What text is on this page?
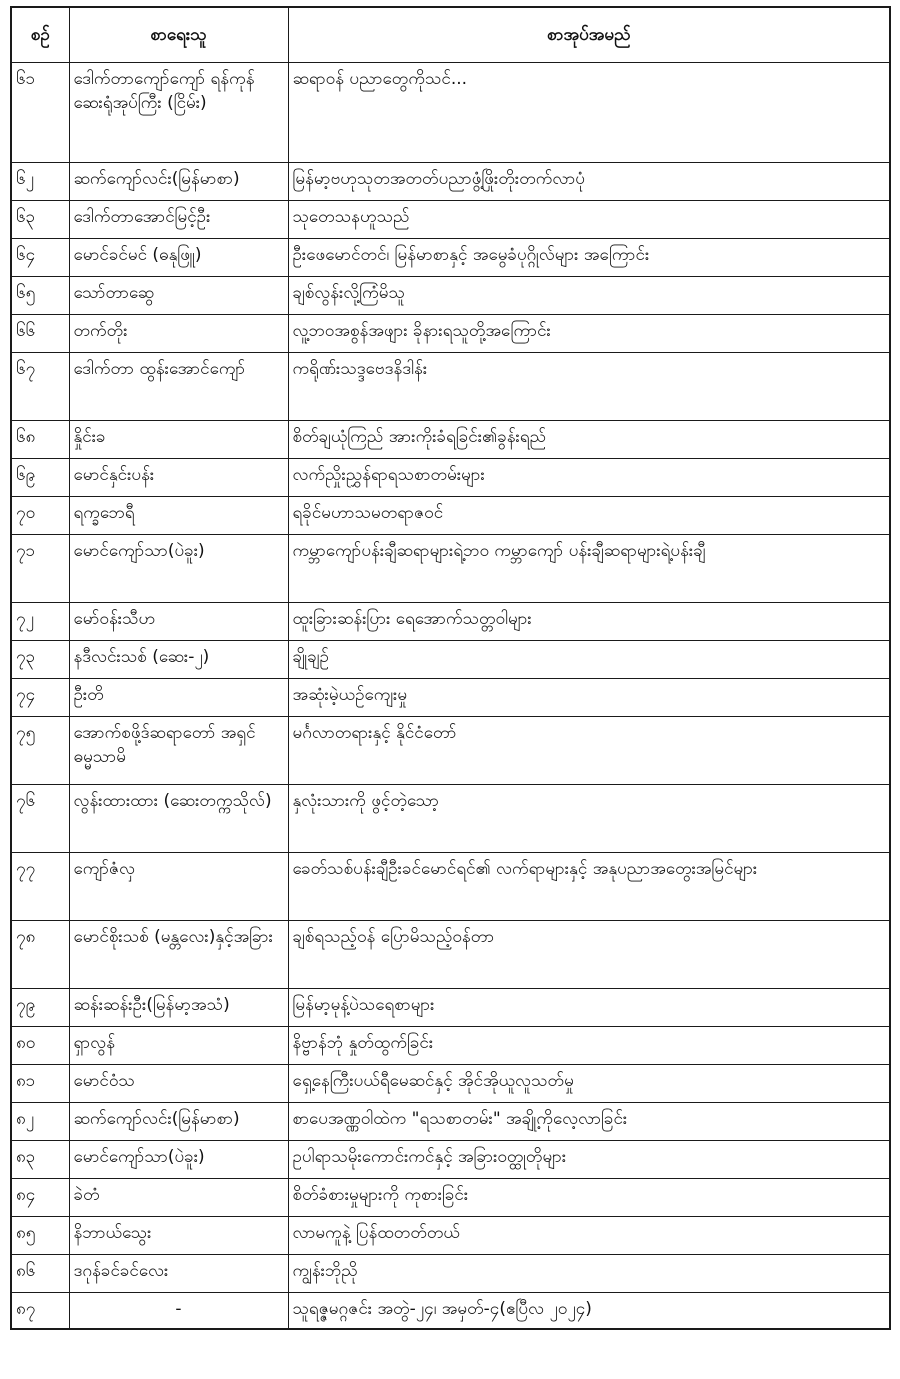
စဉ်	စာရေးသူ	စာအုပ်အမည်
၆၁	ဒေါက်တာကျော်ကျော် ရန်ကုန်ဆေးရုံအုပ်ကြီး (ငြိမ်း)	ဆရာဝန် ပညာတွေကိုသင်...
၆၂	ဆက်ကျော်လင်း(မြန်မာစာ)	မြန်မာ့ဗဟုသုတအတတ်ပညာဖွံ့ဖြိုးတိုးတက်လာပုံ
၆၃	ဒေါက်တာအောင်မြင့်ဦး	သုတေသနဟူသည်
၆၄	မောင်ခင်မင် (ဓနုဖြူ)	ဦးဖေမောင်တင်၊ မြန်မာစာနှင့် အမွေခံပုဂ္ဂိုလ်များ အကြောင်း
၆၅	သော်တာဆွေ	ချစ်လွန်းလို့ကြံမိသူ
၆၆	တက်တိုး	လူ့ဘဝအစွန်အဖျား ခိုနားရသူတို့အကြောင်း
၆၇	ဒေါက်တာ ထွန်းအောင်ကျော်	ကရိုဏ်းသဒ္ဒဗေဒနိဒါန်း
၆၈	နှိုင်းခ	စိတ်ချယုံကြည် အားကိုးခံရခြင်း၏ခွန်းရည်
၆၉	မောင်နှင်းပန်း	လက်ညှိုးညွှန်ရာရသစာတမ်းများ
၇၀	ရက္ခဘေရီ	ရခိုင်မဟာသမတရာဇဝင်
၇၁	မောင်ကျော်သာ(ပဲခူး)	ကမ္ဘာကျော်ပန်းချီဆရာများရဲ့ဘဝ ကမ္ဘာကျော် ပန်းချီဆရာများရဲ့ပန်းချီ
၇၂	မော်ဝန်းသီဟ	ထူးခြားဆန်းပြား ရေအောက်သတ္တဝါများ
၇၃	နဒီလင်းသစ် (ဆေး-၂)	ချိုချဉ်
၇၄	ဦးတိ	အဆုံးမဲ့ယဉ်ကျေးမှု
၇၅	အောက်စဖို့ဒ်ဆရာတော် အရှင်ဓမ္မသာမိ	မင်္ဂလာတရားနှင့် နိုင်ငံတော်
၇၆	လွန်းထားထား (ဆေးတက္ကသိုလ်)	နှလုံးသားကို ဖွင့်တဲ့သော့
၇၇	ကျော်ဇံလှ	ခေတ်သစ်ပန်းချီဦးခင်မောင်ရင်၏ လက်ရာများနှင့် အနုပညာအတွေးအမြင်များ
၇၈	မောင်စိုးသစ် (မန္တလေး)နှင့်အခြား	ချစ်ရသည့်ဝန် ပြောမိသည့်ဝန်တာ
၇၉	ဆန်းဆန်းဦး(မြန်မာ့အသံ)	မြန်မာ့မုန့်ပဲသရေစာများ
၈၀	ရှာလွန်	နိဗ္ဗာန်ဘုံ နှုတ်ထွက်ခြင်း
၈၁	မောင်ဝံသ	ရှေ့နေကြီးပယ်ရီမေဆင်နှင့် အိုင်အိုယူလူသတ်မှု
၈၂	ဆက်ကျော်လင်း(မြန်မာစာ)	စာပေအဏ္ဏဝါထဲက "ရသစာတမ်း" အချို့ကိုလေ့လာခြင်း
၈၃	မောင်ကျော်သာ(ပဲခူး)	ဥပါရာသမိုးကောင်းကင်နှင့် အခြားဝတ္ထုတိုများ
၈၄	ခဲတံ	စိတ်ခံစားမှုများကို ကုစားခြင်း
၈၅	နိဘာယ်သွေး	လာမကူနဲ့ ပြန်ထတတ်တယ်
၈၆	ဒဂုန်ခင်ခင်လေး	ကျွန်းဘိုညို
၈၇	-	သူရဇ္ဇမဂ္ဂဇင်း အတွဲ-၂၄၊ အမှတ်-၄(ဧပြီလ ၂၀၂၄)
